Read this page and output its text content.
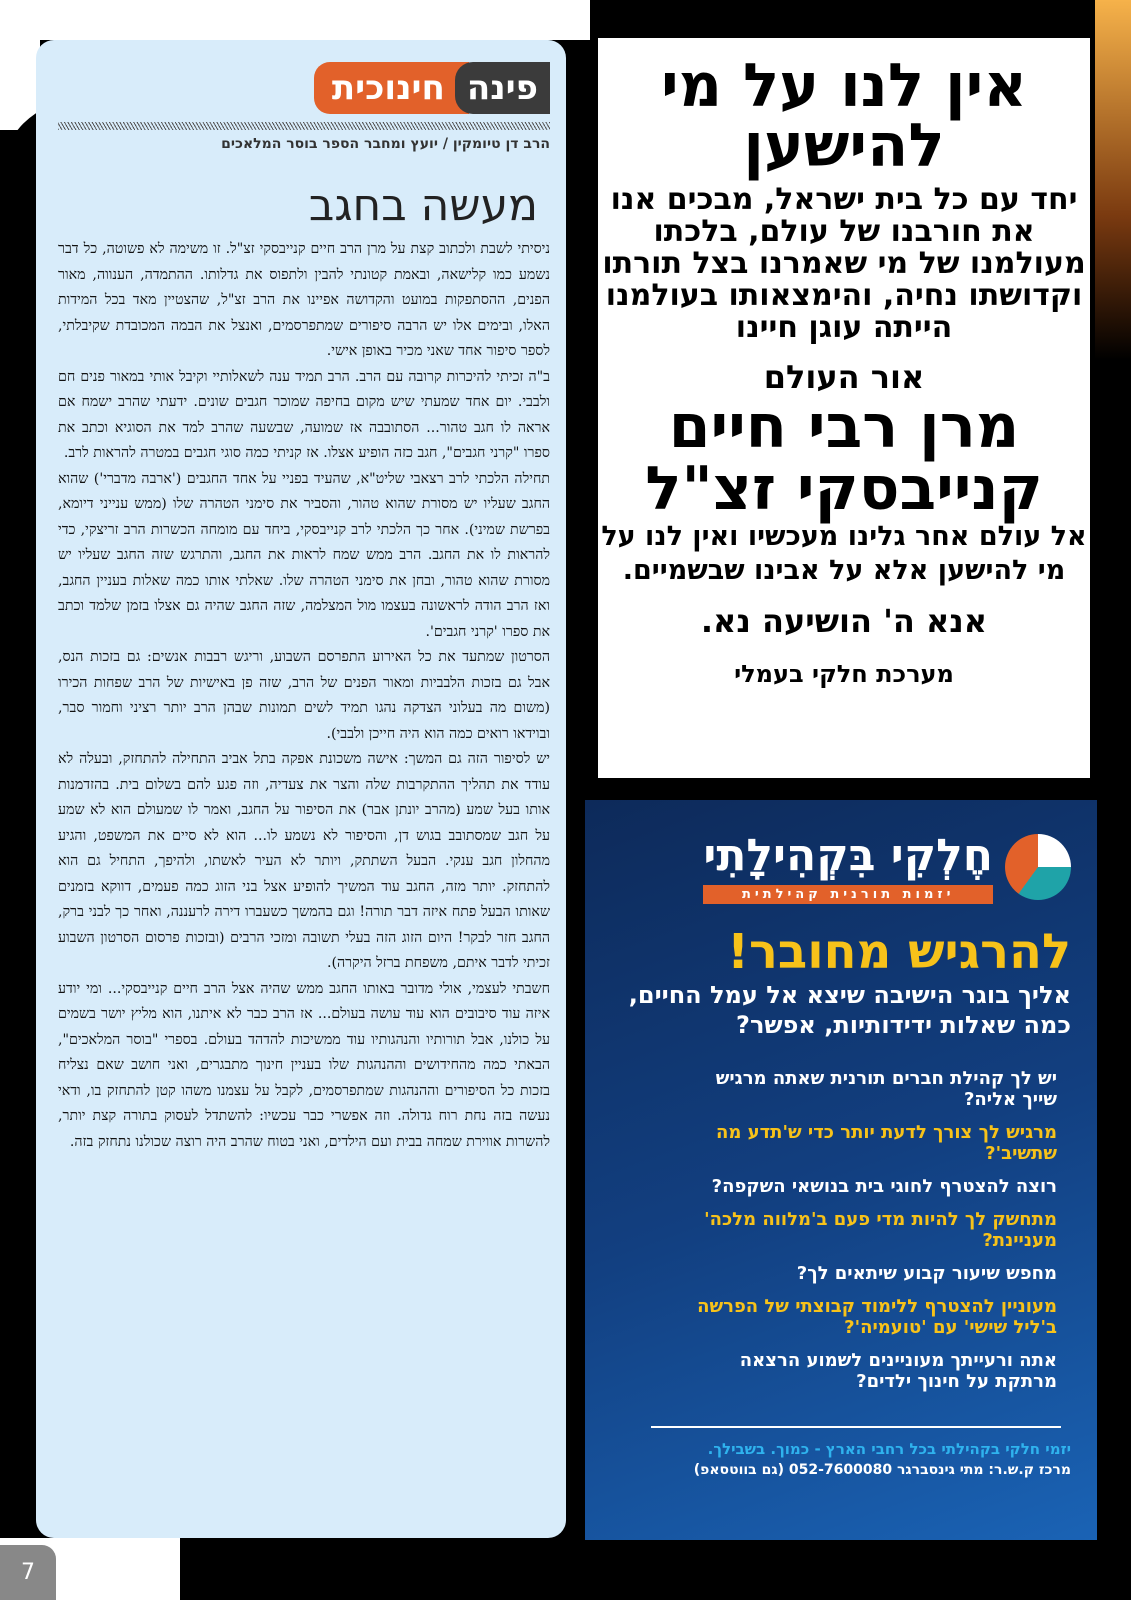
פינה
חינוכית
הרב דן טיומקין / יועץ ומחבר הספר בוסר המלאכים
מעשה בחגב

ניסיתי לשבת ולכתוב קצת על מרן הרב חיים קנייבסקי זצ"ל. זו משימה לא פשוטה, כל דבר נשמע כמו קלישאה, ובאמת קטונתי להבין ולתפוס את גדלותו. ההתמדה, הענווה, מאור הפנים, ההסתפקות במועט והקדושה אפיינו את הרב זצ"ל, שהצטיין מאד בכל המידות האלו, ובימים אלו יש הרבה סיפורים שמתפרסמים, ואנצל את הבמה המכובדת שקיבלתי, לספר סיפור אחד שאני מכיר באופן אישי.

ב"ה זכיתי להיכרות קרובה עם הרב. הרב תמיד ענה לשאלותיי וקיבל אותי במאור פנים חם ולבבי. יום אחד שמעתי שיש מקום בחיפה שמוכר חגבים שונים. ידעתי שהרב ישמח אם אראה לו חגב טהור... הסתובבה אז שמועה, שבשעה שהרב למד את הסוגיא וכתב את ספרו "קרני חגבים", חגב כזה הופיע אצלו. אז קניתי כמה סוגי חגבים במטרה להראות לרב.

תחילה הלכתי לרב רצאבי שליט"א, שהעיד בפניי על אחד החגבים ('ארבה מדברי') שהוא החגב שעליו יש מסורת שהוא טהור, והסביר את סימני הטהרה שלו (ממש ענייני דיומא, בפרשת שמיני). אחר כך הלכתי לרב קנייבסקי, ביחד עם מומחה הכשרות הרב זריצקי, כדי להראות לו את החגב. הרב ממש שמח לראות את החגב, והתרגש שזה החגב שעליו יש מסורת שהוא טהור, ובחן את סימני הטהרה שלו. שאלתי אותו כמה שאלות בעניין החגב, ואז הרב הודה לראשונה בעצמו מול המצלמה, שזה החגב שהיה גם אצלו בזמן שלמד וכתב את ספרו 'קרני חגבים'.

הסרטון שמתעד את כל האירוע התפרסם השבוע, וריגש רבבות אנשים: גם בזכות הנס, אבל גם בזכות הלבביות ומאור הפנים של הרב, שזה פן באישיות של הרב שפחות הכירו (משום מה בעלוני הצדקה נהגו תמיד לשים תמונות שבהן הרב יותר רציני וחמור סבר, ובוידאו רואים כמה הוא היה חייכן ולבבי).

יש לסיפור הזה גם המשך: אישה משכונת אפקה בתל אביב התחילה להתחזק, ובעלה לא עודד את תהליך ההתקרבות שלה והצר את צעדיה, וזה פגע להם בשלום בית. בהזדמנות אותו בעל שמע (מהרב יונתן אבר) את הסיפור על החגב, ואמר לו שמעולם הוא לא שמע על חגב שמסתובב בגוש דן, והסיפור לא נשמע לו... הוא לא סיים את המשפט, והגיע מהחלון חגב ענקי. הבעל השתתק, ויותר לא העיר לאשתו, ולהיפך, התחיל גם הוא להתחזק. יותר מזה, החגב עוד המשיך להופיע אצל בני הזוג כמה פעמים, דווקא בזמנים שאותו הבעל פתח איזה דבר תורה! וגם בהמשך כשעברו דירה לרעננה, ואחר כך לבני ברק, החגב חזר לבקר! היום הזוג הזה בעלי תשובה ומזכי הרבים (ובזכות פרסום הסרטון השבוע זכיתי לדבר איתם, משפחת ברזל היקרה).

חשבתי לעצמי, אולי מדובר באותו החגב ממש שהיה אצל הרב חיים קנייבסקי... ומי יודע איזה עוד סיבובים הוא עוד עושה בעולם... אז הרב כבר לא איתנו, הוא מליץ יושר בשמים על כולנו, אבל תורותיו והנהגותיו עוד ממשיכות להדהד בעולם. בספרי "בוסר המלאכים", הבאתי כמה מהחידושים וההנהגות שלו בעניין חינוך מתבגרים, ואני חושב שאם נצליח בזכות כל הסיפורים וההנהגות שמתפרסמים, לקבל על עצמנו משהו קטן להתחזק בו, ודאי נעשה בזה נחת רוח גדולה. וזה אפשרי כבר עכשיו: להשתדל לעסוק בתורה קצת יותר, להשרות אווירת שמחה בבית ועם הילדים, ואני בטוח שהרב היה רוצה שכולנו נתחזק בזה.

אין לנו על מי להישען
יחד עם כל בית ישראל, מבכים אנו את חורבנו של עולם, בלכתו מעולמנו של מי שאמרנו בצל תורתו וקדושתו נחיה, והימצאותו בעולמנו הייתה עוגן חיינו
אור העולם
מרן רבי חיים קנייבסקי זצ"ל
אל עולם אחר גלינו מעכשיו ואין לנו על מי להישען אלא על אבינו שבשמיים.
אנא ה' הושיעה נא.
מערכת חלקי בעמלי
חֶלְקִי בִּקְהִילָתִי
יזמות תורנית קהילתית
להרגיש מחובר!
אליך בוגר הישיבה שיצא אל עמל החיים, כמה שאלות ידידותיות, אפשר?
יש לך קהילת חברים תורנית שאתה מרגיש שייך אליה?
מרגיש לך צורך לדעת יותר כדי ש'תדע מה שתשיב'?
רוצה להצטרף לחוגי בית בנושאי השקפה?
מתחשק לך להיות מדי פעם ב'מלווה מלכה' מעניינת?
מחפש שיעור קבוע שיתאים לך?
מעוניין להצטרף ללימוד קבוצתי של הפרשה ב'ליל שישי' עם 'טועמיה'?
אתה ורעייתך מעוניינים לשמוע הרצאה מרתקת על חינוך ילדים?
יזמי חלקי בקהילתי בכל רחבי הארץ - כמוך. בשבילך.
מרכז ק.ש.ר: מתי גינסברגר 052-7600080 (גם בווטסאפ)
7
